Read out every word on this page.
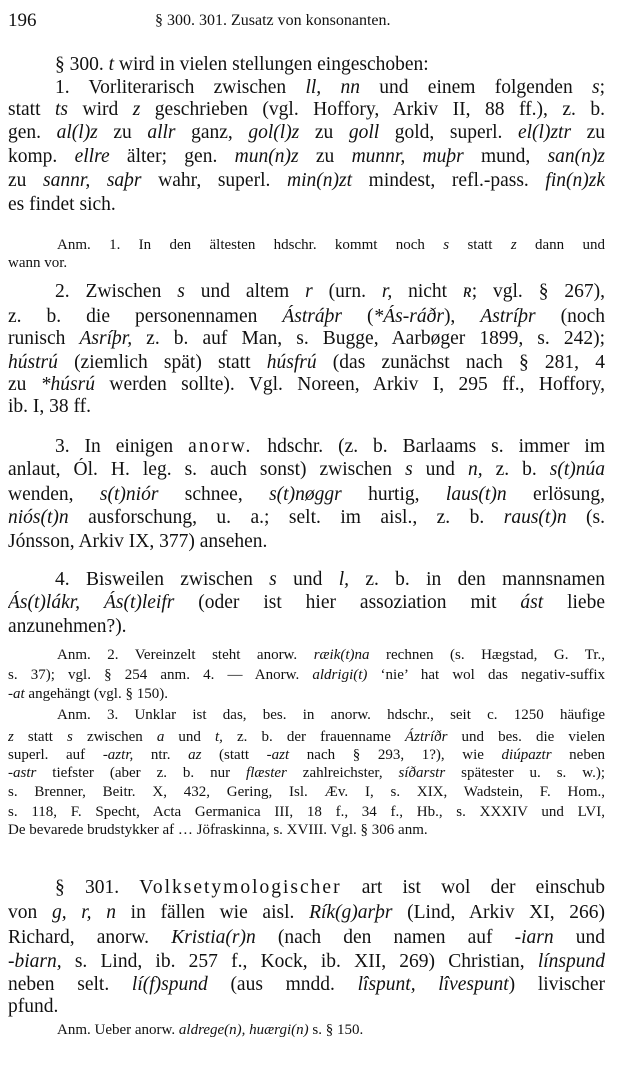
196	§ 300. 301. Zusatz von konsonanten.
§ 300. t wird in vielen stellungen eingeschoben:
1. Vorliterarisch zwischen ll, nn und einem folgenden s;
statt ts wird z geschrieben (vgl. Hoffory, Arkiv II, 88 ff.), z. b.
gen. al(l)z zu allr ganz, gol(l)z zu goll gold, superl. el(l)ztr zu
komp. ellre älter; gen. mun(n)z zu munnr, muþr mund, san(n)z
zu sannr, saþr wahr, superl. min(n)zt mindest, refl.-pass. fin(n)zk
es findet sich.
Anm. 1. In den ältesten hdschr. kommt noch s statt z dann und
wann vor.
2. Zwischen s und altem r (urn. r, nicht ʀ; vgl. § 267),
z. b. die personennamen Ástráþr (*Ás-ráðr), Astríþr (noch
runisch Asríþr, z. b. auf Man, s. Bugge, Aarbøger 1899, s. 242);
hústrú (ziemlich spät) statt húsfrú (das zunächst nach § 281, 4
zu *húsrú werden sollte). Vgl. Noreen, Arkiv I, 295 ff., Hoffory,
ib. I, 38 ff.
3. In einigen anorw. hdschr. (z. b. Barlaams s. immer im
anlaut, Ól. H. leg. s. auch sonst) zwischen s und n, z. b. s(t)núa
wenden, s(t)niór schnee, s(t)nøggr hurtig, laus(t)n erlösung,
niós(t)n ausforschung, u. a.; selt. im aisl., z. b. raus(t)n (s.
Jónsson, Arkiv IX, 377) ansehen.
4. Bisweilen zwischen s und l, z. b. in den mannsnamen
Ás(t)lákr, Ás(t)leifr (oder ist hier assoziation mit ást liebe
anzunehmen?).
Anm. 2. Vereinzelt steht anorw. ræik(t)na rechnen (s. Hægstad, G. Tr.,
s. 37); vgl. § 254 anm. 4. — Anorw. aldrigi(t) ‘nie’ hat wol das negativ-suffix
-at angehängt (vgl. § 150).
Anm. 3. Unklar ist das, bes. in anorw. hdschr., seit c. 1250 häufige
z statt s zwischen a und t, z. b. der frauenname Áztríðr und bes. die vielen
superl. auf -aztr, ntr. az (statt -azt nach § 293, 1?), wie diúpaztr neben
-astr tiefster (aber z. b. nur flæster zahlreichster, síðarstr spätester u. s. w.);
s. Brenner, Beitr. X, 432, Gering, Isl. Æv. I, s. XIX, Wadstein, F. Hom.,
s. 118, F. Specht, Acta Germanica III, 18 f., 34 f., Hb., s. XXXIV und LVI,
De bevarede brudstykker af … Jöfraskinna, s. XVIII. Vgl. § 306 anm.
§ 301. Volksetymologischer art ist wol der einschub
von g, r, n in fällen wie aisl. Rík(g)arþr (Lind, Arkiv XI, 266)
Richard, anorw. Kristia(r)n (nach den namen auf -iarn und
-biarn, s. Lind, ib. 257 f., Kock, ib. XII, 269) Christian, línspund
neben selt. lí(f)spund (aus mndd. lîspunt, lîvespunt) livischer
pfund.
Anm. Ueber anorw. aldrege(n), huærgi(n) s. § 150.
